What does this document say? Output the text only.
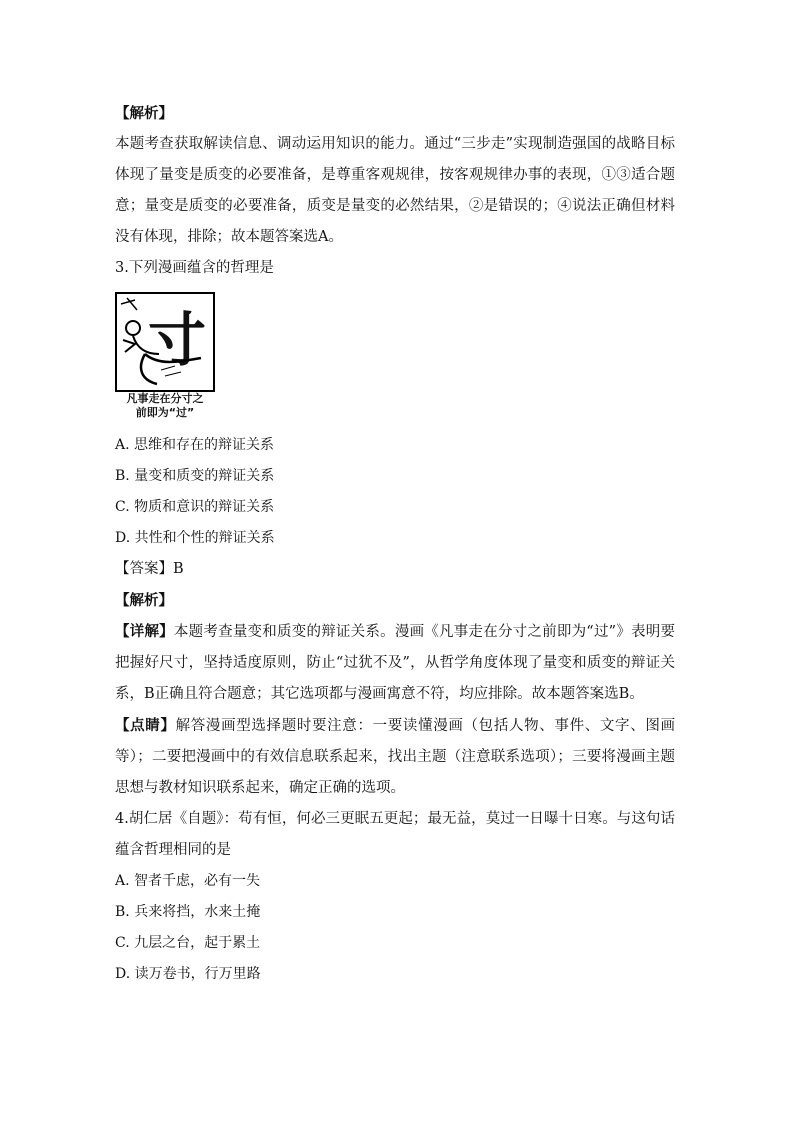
【解析】

本题考查获取解读信息、调动运用知识的能力。通过“三步走”实现制造强国的战略目标体现了量变是质变的必要准备，是尊重客观规律，按客观规律办事的表现，①③适合题意；量变是质变的必要准备，质变是量变的必然结果，②是错误的；④说法正确但材料没有体现，排除；故本题答案选A。

3.下列漫画蕴含的哲理是

寸
凡事走在分寸之
前即为“过”

A. 思维和存在的辩证关系

B. 量变和质变的辩证关系

C. 物质和意识的辩证关系

D. 共性和个性的辩证关系

【答案】B

【解析】

【详解】本题考查量变和质变的辩证关系。漫画《凡事走在分寸之前即为“过”》表明要把握好尺寸，坚持适度原则，防止“过犹不及”，从哲学角度体现了量变和质变的辩证关系，B正确且符合题意；其它选项都与漫画寓意不符，均应排除。故本题答案选B。

【点睛】解答漫画型选择题时要注意：一要读懂漫画（包括人物、事件、文字、图画等）；二要把漫画中的有效信息联系起来，找出主题（注意联系选项）；三要将漫画主题思想与教材知识联系起来，确定正确的选项。

4.胡仁居《自题》：苟有恒，何必三更眠五更起；最无益，莫过一日曝十日寒。与这句话蕴含哲理相同的是

A. 智者千虑，必有一失

B. 兵来将挡，水来土掩

C. 九层之台，起于累土

D. 读万卷书，行万里路
